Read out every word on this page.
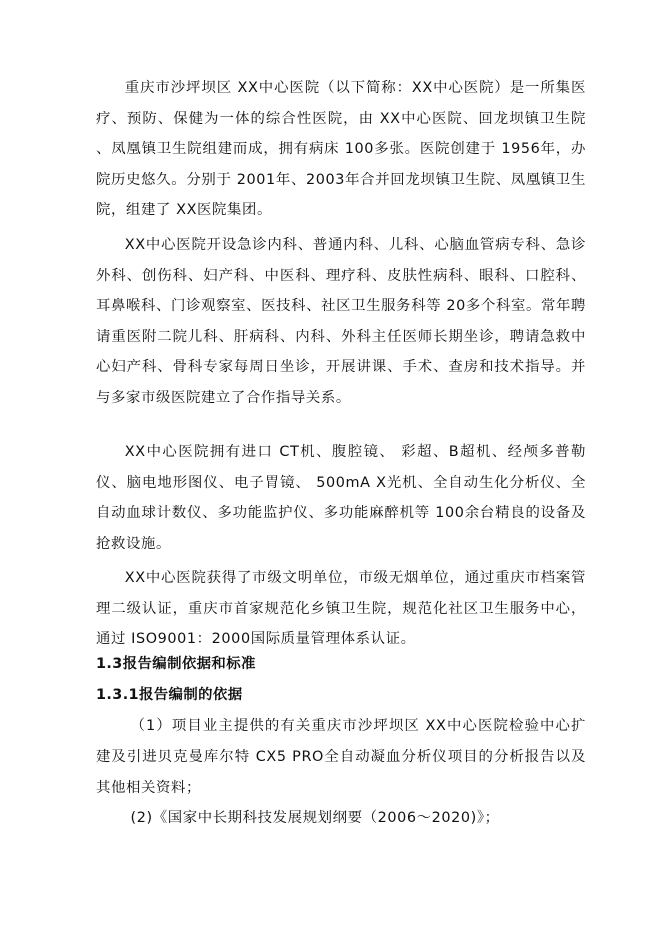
重庆市沙坪坝区 XX中心医院（以下简称：XX中心医院）是一所集医疗、预防、保健为一体的综合性医院，由 XX中心医院、回龙坝镇卫生院 、凤凰镇卫生院组建而成，拥有病床 100多张。医院创建于 1956年，办院历史悠久。分别于 2001年、2003年合并回龙坝镇卫生院、凤凰镇卫生院，组建了 XX医院集团。

XX中心医院开设急诊内科、普通内科、儿科、心脑血管病专科、急诊外科、创伤科、妇产科、中医科、理疗科、皮肤性病科、眼科、口腔科、耳鼻喉科、门诊观察室、医技科、社区卫生服务科等 20多个科室。常年聘请重医附二院儿科、肝病科、内科、外科主任医师长期坐诊，聘请急救中心妇产科、骨科专家每周日坐诊，开展讲课、手术、查房和技术指导。并与多家市级医院建立了合作指导关系。

XX中心医院拥有进口 CT机、腹腔镜、 彩超、B超机、经颅多普勒仪、脑电地形图仪、电子胃镜、 500mA X光机、全自动生化分析仪、全自动血球计数仪、多功能监护仪、多功能麻醉机等 100余台精良的设备及抢救设施。

XX中心医院获得了市级文明单位，市级无烟单位，通过重庆市档案管理二级认证，重庆市首家规范化乡镇卫生院，规范化社区卫生服务中心，通过 ISO9001：2000国际质量管理体系认证。

1.3报告编制依据和标准
1.3.1报告编制的依据

（1）项目业主提供的有关重庆市沙坪坝区 XX中心医院检验中心扩建及引进贝克曼库尔特 CX5 PRO全自动凝血分析仪项目的分析报告以及其他相关资料；

(2)《国家中长期科技发展规划纲要（2006～2020)》；
